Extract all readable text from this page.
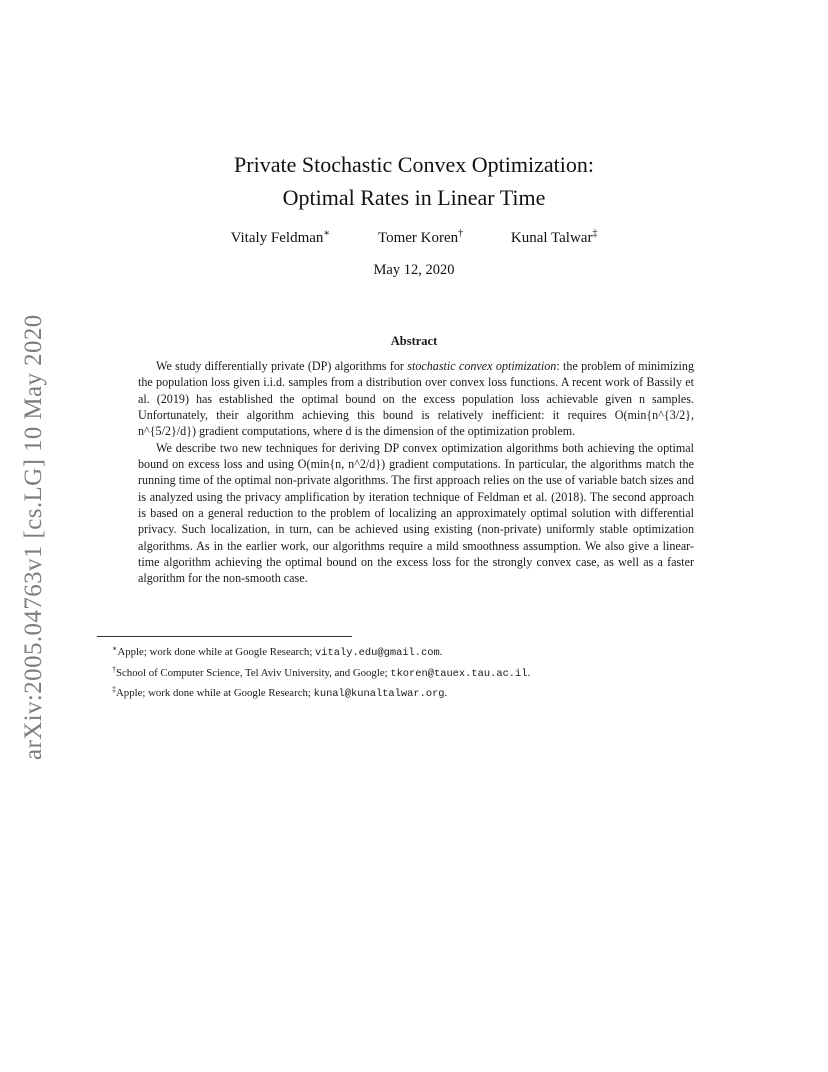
arXiv:2005.04763v1 [cs.LG] 10 May 2020
Private Stochastic Convex Optimization:
Optimal Rates in Linear Time
Vitaly Feldman∗	Tomer Koren†	Kunal Talwar‡
May 12, 2020
Abstract

We study differentially private (DP) algorithms for stochastic convex optimization: the problem of minimizing the population loss given i.i.d. samples from a distribution over convex loss functions. A recent work of Bassily et al. (2019) has established the optimal bound on the excess population loss achievable given n samples. Unfortunately, their algorithm achieving this bound is relatively inefficient: it requires O(min{n^{3/2}, n^{5/2}/d}) gradient computations, where d is the dimension of the optimization problem.

We describe two new techniques for deriving DP convex optimization algorithms both achieving the optimal bound on excess loss and using O(min{n, n^2/d}) gradient computations. In particular, the algorithms match the running time of the optimal non-private algorithms. The first approach relies on the use of variable batch sizes and is analyzed using the privacy amplification by iteration technique of Feldman et al. (2018). The second approach is based on a general reduction to the problem of localizing an approximately optimal solution with differential privacy. Such localization, in turn, can be achieved using existing (non-private) uniformly stable optimization algorithms. As in the earlier work, our algorithms require a mild smoothness assumption. We also give a linear-time algorithm achieving the optimal bound on the excess loss for the strongly convex case, as well as a faster algorithm for the non-smooth case.

∗Apple; work done while at Google Research; vitaly.edu@gmail.com.
†School of Computer Science, Tel Aviv University, and Google; tkoren@tauex.tau.ac.il.
‡Apple; work done while at Google Research; kunal@kunaltalwar.org.
